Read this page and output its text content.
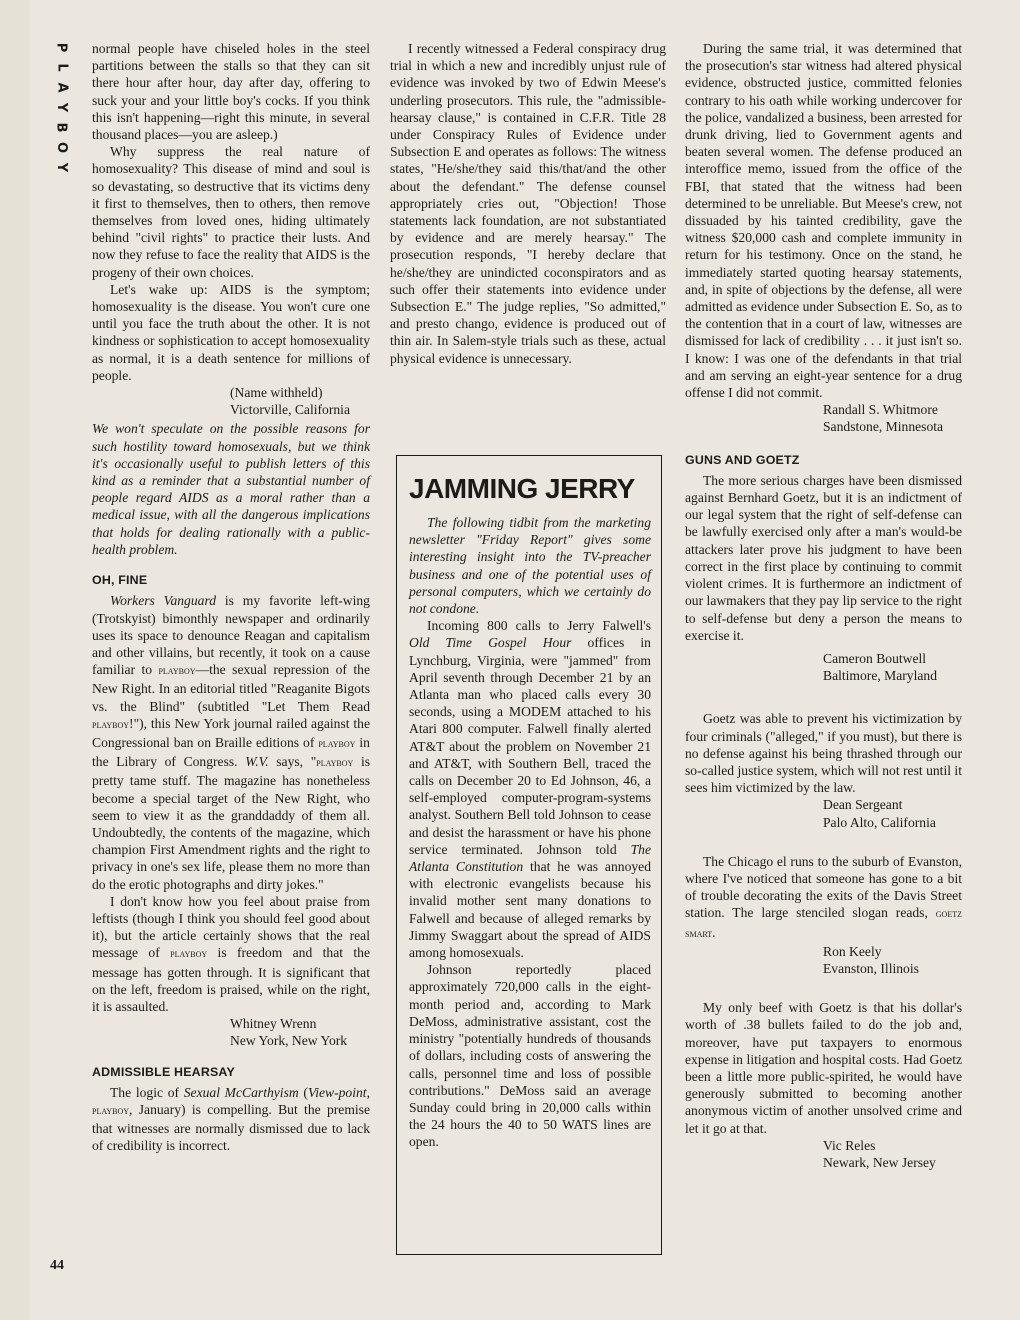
Y
O
B
Y
A
L
P
44

normal people have chiseled holes in the steel partitions between the stalls so that they can sit there hour after hour, day after day, offering to suck your and your little boy's cocks. If you think this isn't happening—right this minute, in several thousand places—you are asleep.)

Why suppress the real nature of homosexuality? This disease of mind and soul is so devastating, so destructive that its victims deny it first to themselves, then to others, then remove themselves from loved ones, hiding ultimately behind "civil rights" to practice their lusts. And now they refuse to face the reality that AIDS is the progeny of their own choices.

Let's wake up: AIDS is the symptom; homosexuality is the disease. You won't cure one until you face the truth about the other. It is not kindness or sophistication to accept homosexuality as normal, it is a death sentence for millions of people.

(Name withheld)
Victorville, California

We won't speculate on the possible reasons for such hostility toward homosexuals, but we think it's occasionally useful to publish letters of this kind as a reminder that a substantial number of people regard AIDS as a moral rather than a medical issue, with all the dangerous implications that holds for dealing rationally with a public-health problem.

OH, FINE

Workers Vanguard is my favorite left-wing (Trotskyist) bimonthly newspaper and ordinarily uses its space to denounce Reagan and capitalism and other villains, but recently, it took on a cause familiar to playboy—the sexual repression of the New Right. In an editorial titled "Reaganite Bigots vs. the Blind" (subtitled "Let Them Read playboy!"), this New York journal railed against the Congressional ban on Braille editions of playboy in the Library of Congress. W.V. says, "playboy is pretty tame stuff. The magazine has nonetheless become a special target of the New Right, who seem to view it as the granddaddy of them all. Undoubtedly, the contents of the magazine, which champion First Amendment rights and the right to privacy in one's sex life, please them no more than do the erotic photographs and dirty jokes."

I don't know how you feel about praise from leftists (though I think you should feel good about it), but the article certainly shows that the real message of playboy is freedom and that the message has gotten through. It is significant that on the left, freedom is praised, while on the right, it is assaulted.

Whitney Wrenn
New York, New York
ADMISSIBLE HEARSAY

The logic of Sexual McCarthyism (View-point, playboy, January) is compelling. But the premise that witnesses are normally dismissed due to lack of credibility is incorrect.

I recently witnessed a Federal conspiracy drug trial in which a new and incredibly unjust rule of evidence was invoked by two of Edwin Meese's underling prosecutors. This rule, the "admissible-hearsay clause," is contained in C.F.R. Title 28 under Conspiracy Rules of Evidence under Subsection E and operates as follows: The witness states, "He/she/they said this/that/and the other about the defendant." The defense counsel appropriately cries out, "Objection! Those statements lack foundation, are not substantiated by evidence and are merely hearsay." The prosecution responds, "I hereby declare that he/she/they are unindicted coconspirators and as such offer their statements into evidence under Subsection E." The judge replies, "So admitted," and presto chango, evidence is produced out of thin air. In Salem-style trials such as these, actual physical evidence is unnecessary.

JAMMING JERRY

The following tidbit from the marketing newsletter "Friday Report" gives some interesting insight into the TV-preacher business and one of the potential uses of personal computers, which we certainly do not condone.

Incoming 800 calls to Jerry Falwell's Old Time Gospel Hour offices in Lynchburg, Virginia, were "jammed" from April seventh through December 21 by an Atlanta man who placed calls every 30 seconds, using a MODEM attached to his Atari 800 computer. Falwell finally alerted AT&T about the problem on November 21 and AT&T, with Southern Bell, traced the calls on December 20 to Ed Johnson, 46, a self-employed computer-program-systems analyst. Southern Bell told Johnson to cease and desist the harassment or have his phone service terminated. Johnson told The Atlanta Constitution that he was annoyed with electronic evangelists because his invalid mother sent many donations to Falwell and because of alleged remarks by Jimmy Swaggart about the spread of AIDS among homosexuals.

Johnson reportedly placed approximately 720,000 calls in the eight-month period and, according to Mark DeMoss, administrative assistant, cost the ministry "potentially hundreds of thousands of dollars, including costs of answering the calls, personnel time and loss of possible contributions." DeMoss said an average Sunday could bring in 20,000 calls within the 24 hours the 40 to 50 WATS lines are open.

During the same trial, it was determined that the prosecution's star witness had altered physical evidence, obstructed justice, committed felonies contrary to his oath while working undercover for the police, vandalized a business, been arrested for drunk driving, lied to Government agents and beaten several women. The defense produced an interoffice memo, issued from the office of the FBI, that stated that the witness had been determined to be unreliable. But Meese's crew, not dissuaded by his tainted credibility, gave the witness $20,000 cash and complete immunity in return for his testimony. Once on the stand, he immediately started quoting hearsay statements, and, in spite of objections by the defense, all were admitted as evidence under Subsection E. So, as to the contention that in a court of law, witnesses are dismissed for lack of credibility . . . it just isn't so. I know: I was one of the defendants in that trial and am serving an eight-year sentence for a drug offense I did not commit.

Randall S. Whitmore
Sandstone, Minnesota
GUNS AND GOETZ

The more serious charges have been dismissed against Bernhard Goetz, but it is an indictment of our legal system that the right of self-defense can be lawfully exercised only after a man's would-be attackers later prove his judgment to have been correct in the first place by continuing to commit violent crimes. It is furthermore an indictment of our lawmakers that they pay lip service to the right to self-defense but deny a person the means to exercise it.

Cameron Boutwell
Baltimore, Maryland

Goetz was able to prevent his victimization by four criminals ("alleged," if you must), but there is no defense against his being thrashed through our so-called justice system, which will not rest until it sees him victimized by the law.

Dean Sergeant
Palo Alto, California

The Chicago el runs to the suburb of Evanston, where I've noticed that someone has gone to a bit of trouble decorating the exits of the Davis Street station. The large stenciled slogan reads, goetz smart.

Ron Keely
Evanston, Illinois

My only beef with Goetz is that his dollar's worth of .38 bullets failed to do the job and, moreover, have put taxpayers to enormous expense in litigation and hospital costs. Had Goetz been a little more public-spirited, he would have generously submitted to becoming another anonymous victim of another unsolved crime and let it go at that.

Vic Reles
Newark, New Jersey
